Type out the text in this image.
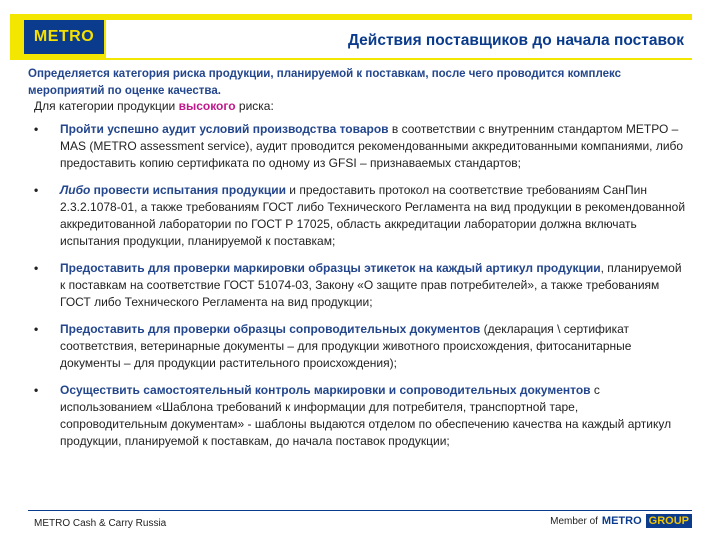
METRO	Действия поставщиков до начала поставок
Определяется категория риска продукции, планируемой к поставкам, после чего проводится комплекс мероприятий по оценке качества.

Для категории продукции высокого риска:

• Пройти успешно аудит условий производства товаров в соответствии с внутренним стандартом МЕТРО – MAS (METRO assessment service), аудит проводится рекомендованными аккредитованными компаниями, либо предоставить копию сертификата по одному из GFSI – признаваемых стандартов;
• Либо провести испытания продукции и предоставить протокол на соответствие требованиям СанПин 2.3.2.1078-01, а также требованиям ГОСТ либо Технического Регламента на вид продукции в рекомендованной аккредитованной лаборатории по ГОСТ Р 17025, область аккредитации лаборатории должна включать испытания продукции, планируемой к поставкам;
• Предоставить для проверки маркировки образцы этикеток на каждый артикул продукции, планируемой к поставкам на соответствие ГОСТ 51074-03, Закону «О защите прав потребителей», а также требованиям ГОСТ либо Технического Регламента на вид продукции;
• Предоставить для проверки образцы сопроводительных документов (декларация \ сертификат соответствия, ветеринарные документы – для продукции животного происхождения, фитосанитарные документы – для продукции растительного происхождения);
• Осуществить самостоятельный контроль маркировки и сопроводительных документов с использованием «Шаблона требований к информации для потребителя, транспортной таре, сопроводительным документам» - шаблоны выдаются отделом по обеспечению качества на каждый артикул продукции, планируемой к поставкам, до начала поставок продукции;
METRO Cash & Carry Russia	Member of METRO GROUP
